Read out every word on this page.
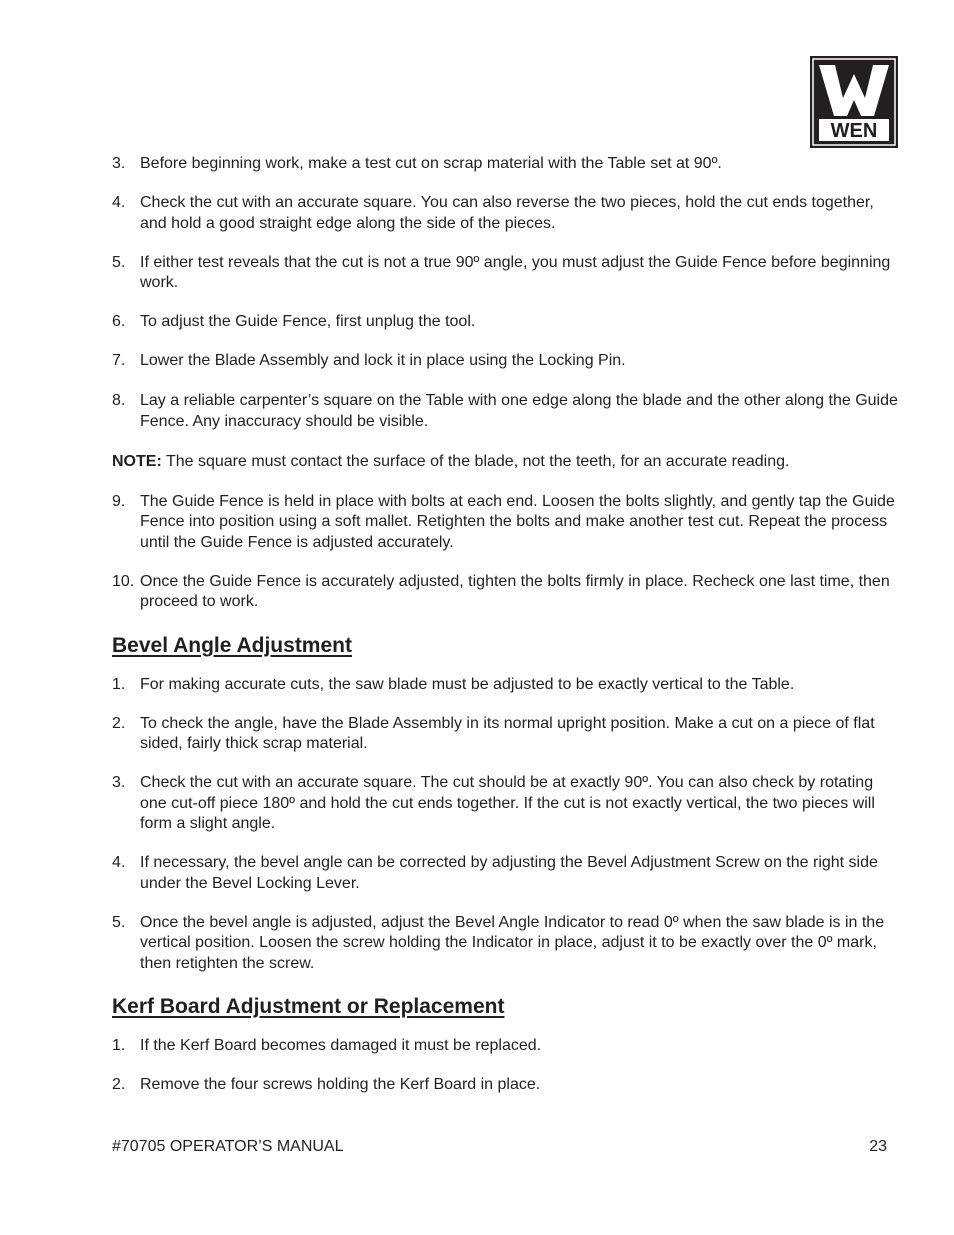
WEN
3. Before beginning work, make a test cut on scrap material with the Table set at 90º.
4. Check the cut with an accurate square. You can also reverse the two pieces, hold the cut ends together, and hold a good straight edge along the side of the pieces.
5. If either test reveals that the cut is not a true 90º angle, you must adjust the Guide Fence before beginning work.
6. To adjust the Guide Fence, first unplug the tool.
7. Lower the Blade Assembly and lock it in place using the Locking Pin.
8. Lay a reliable carpenter’s square on the Table with one edge along the blade and the other along the Guide Fence. Any inaccuracy should be visible.

NOTE: The square must contact the surface of the blade, not the teeth, for an accurate reading.

9. The Guide Fence is held in place with bolts at each end. Loosen the bolts slightly, and gently tap the Guide Fence into position using a soft mallet. Retighten the bolts and make another test cut. Repeat the process until the Guide Fence is adjusted accurately.
10. Once the Guide Fence is accurately adjusted, tighten the bolts firmly in place. Recheck one last time, then proceed to work.
Bevel Angle Adjustment
1. For making accurate cuts, the saw blade must be adjusted to be exactly vertical to the Table.
2. To check the angle, have the Blade Assembly in its normal upright position. Make a cut on a piece of flat sided, fairly thick scrap material.
3. Check the cut with an accurate square. The cut should be at exactly 90º. You can also check by rotating one cut-off piece 180º and hold the cut ends together. If the cut is not exactly vertical, the two pieces will form a slight angle.
4. If necessary, the bevel angle can be corrected by adjusting the Bevel Adjustment Screw on the right side under the Bevel Locking Lever.
5. Once the bevel angle is adjusted, adjust the Bevel Angle Indicator to read 0º when the saw blade is in the vertical position. Loosen the screw holding the Indicator in place, adjust it to be exactly over the 0º mark, then retighten the screw.
Kerf Board Adjustment or Replacement
1. If the Kerf Board becomes damaged it must be replaced.
2. Remove the four screws holding the Kerf Board in place.
#70705 OPERATOR’S MANUAL	23
